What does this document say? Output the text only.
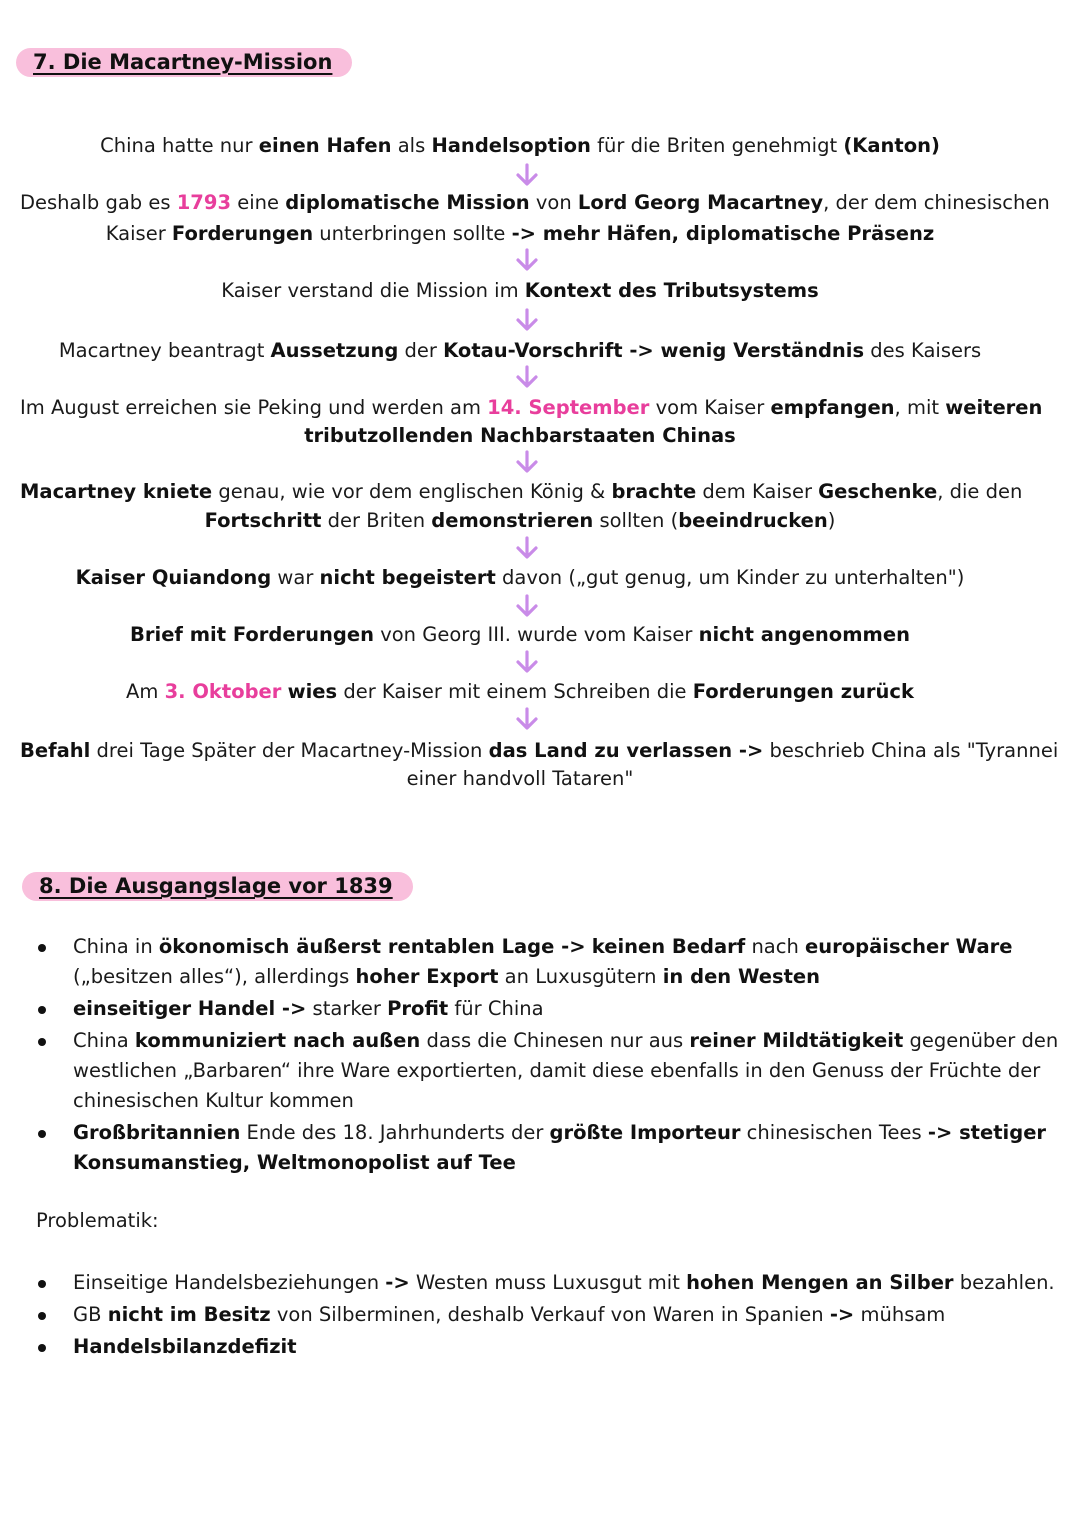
7. Die Macartney-Mission
China hatte nur einen Hafen als Handelsoption für die Briten genehmigt (Kanton)
Deshalb gab es 1793 eine diplomatische Mission von Lord Georg Macartney, der dem chinesischen
Kaiser Forderungen unterbringen sollte -> mehr Häfen, diplomatische Präsenz
Kaiser verstand die Mission im Kontext des Tributsystems
Macartney beantragt Aussetzung der Kotau-Vorschrift -> wenig Verständnis des Kaisers
Im August erreichen sie Peking und werden am 14. September vom Kaiser empfangen, mit weiteren
tributzollenden Nachbarstaaten Chinas
Macartney kniete genau, wie vor dem englischen König & brachte dem Kaiser Geschenke, die den
Fortschritt der Briten demonstrieren sollten (beeindrucken)
Kaiser Quiandong war nicht begeistert davon („gut genug, um Kinder zu unterhalten")
Brief mit Forderungen von Georg III. wurde vom Kaiser nicht angenommen
Am 3. Oktober wies der Kaiser mit einem Schreiben die Forderungen zurück
Befahl drei Tage Später der Macartney-Mission das Land zu verlassen -> beschrieb China als "Tyrannei
einer handvoll Tataren"
8. Die Ausgangslage vor 1839
China in ökonomisch äußerst rentablen Lage -> keinen Bedarf nach europäischer Ware („besitzen alles“), allerdings hoher Export an Luxusgütern in den Westen
einseitiger Handel -> starker Profit für China
China kommuniziert nach außen dass die Chinesen nur aus reiner Mildtätigkeit gegenüber den westlichen „Barbaren“ ihre Ware exportierten, damit diese ebenfalls in den Genuss der Früchte der chinesischen Kultur kommen
Großbritannien Ende des 18. Jahrhunderts der größte Importeur chinesischen Tees -> stetiger Konsumanstieg, Weltmonopolist auf Tee
Problematik:
Einseitige Handelsbeziehungen -> Westen muss Luxusgut mit hohen Mengen an Silber bezahlen.
GB nicht im Besitz von Silberminen, deshalb Verkauf von Waren in Spanien -> mühsam
Handelsbilanzdefizit
